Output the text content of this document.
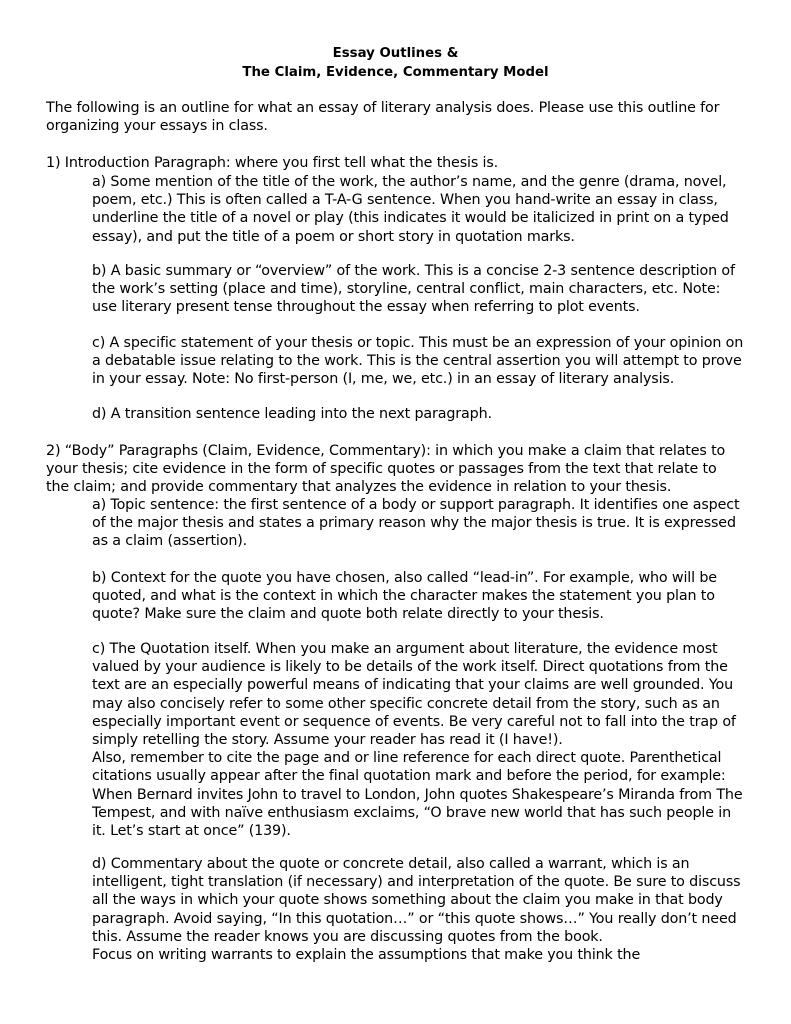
Essay Outlines &

The Claim, Evidence, Commentary Model

The following is an outline for what an essay of literary analysis does. Please use this outline for
organizing your essays in class.

1) Introduction Paragraph: where you first tell what the thesis is.

a) Some mention of the title of the work, the author’s name, and the genre (drama, novel,
poem, etc.) This is often called a T-A-G sentence. When you hand-write an essay in class,
underline the title of a novel or play (this indicates it would be italicized in print on a typed
essay), and put the title of a poem or short story in quotation marks.

b) A basic summary or “overview” of the work. This is a concise 2-3 sentence description of
the work’s setting (place and time), storyline, central conflict, main characters, etc. Note:
use literary present tense throughout the essay when referring to plot events.

c) A specific statement of your thesis or topic. This must be an expression of your opinion on
a debatable issue relating to the work. This is the central assertion you will attempt to prove
in your essay. Note: No first-person (I, me, we, etc.) in an essay of literary analysis.

d) A transition sentence leading into the next paragraph.

2) “Body” Paragraphs (Claim, Evidence, Commentary): in which you make a claim that relates to
your thesis; cite evidence in the form of specific quotes or passages from the text that relate to
the claim; and provide commentary that analyzes the evidence in relation to your thesis.

a) Topic sentence: the first sentence of a body or support paragraph. It identifies one aspect
of the major thesis and states a primary reason why the major thesis is true. It is expressed
as a claim (assertion).

b) Context for the quote you have chosen, also called “lead-in”. For example, who will be
quoted, and what is the context in which the character makes the statement you plan to
quote? Make sure the claim and quote both relate directly to your thesis.

c) The Quotation itself. When you make an argument about literature, the evidence most
valued by your audience is likely to be details of the work itself. Direct quotations from the
text are an especially powerful means of indicating that your claims are well grounded. You
may also concisely refer to some other specific concrete detail from the story, such as an
especially important event or sequence of events. Be very careful not to fall into the trap of
simply retelling the story. Assume your reader has read it (I have!).
Also, remember to cite the page and or line reference for each direct quote. Parenthetical
citations usually appear after the final quotation mark and before the period, for example:
When Bernard invites John to travel to London, John quotes Shakespeare’s Miranda from The
Tempest, and with naïve enthusiasm exclaims, “O brave new world that has such people in
it. Let’s start at once” (139).

d) Commentary about the quote or concrete detail, also called a warrant, which is an
intelligent, tight translation (if necessary) and interpretation of the quote. Be sure to discuss
all the ways in which your quote shows something about the claim you make in that body
paragraph. Avoid saying, “In this quotation…” or “this quote shows…” You really don’t need
this. Assume the reader knows you are discussing quotes from the book.
Focus on writing warrants to explain the assumptions that make you think the
